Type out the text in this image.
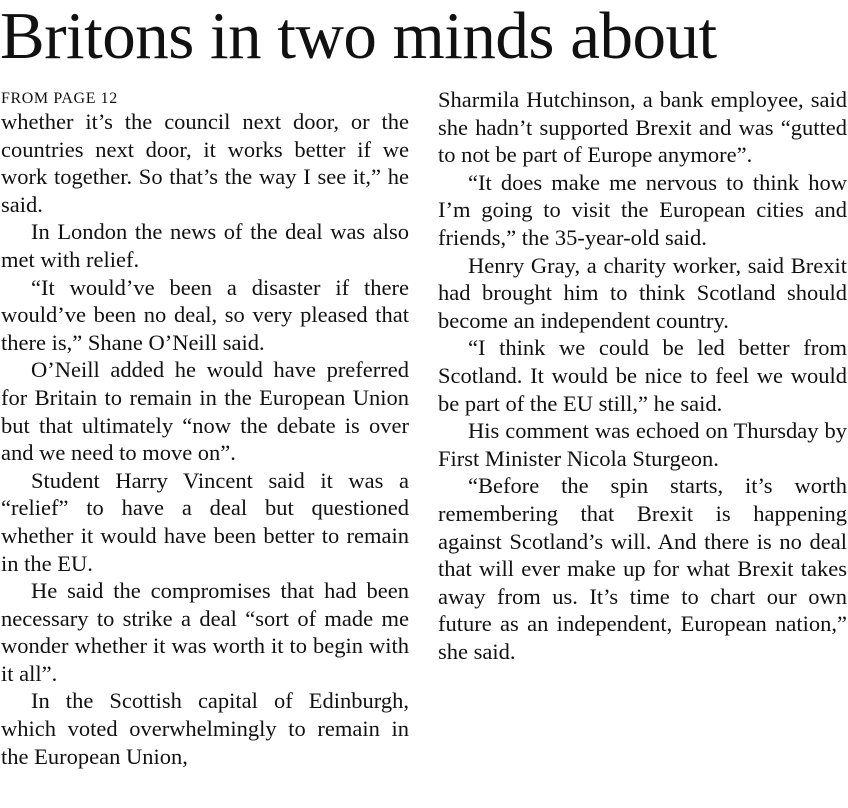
Britons in two minds about
FROM PAGE 12

whether it’s the council next door, or the countries next door, it works better if we work together. So that’s the way I see it,” he said.

In London the news of the deal was also met with relief.

“It would’ve been a disaster if there would’ve been no deal, so very pleased that there is,” Shane O’Neill said.

O’Neill added he would have preferred for Britain to remain in the European Union but that ultimately “now the debate is over and we need to move on”.

Student Harry Vincent said it was a “relief” to have a deal but questioned whether it would have been better to remain in the EU.

He said the compromises that had been necessary to strike a deal “sort of made me wonder whether it was worth it to begin with it all”.

In the Scottish capital of Edinburgh, which voted overwhelmingly to remain in the European Union,

Sharmila Hutchinson, a bank employee, said she hadn’t supported Brexit and was “gutted to not be part of Europe anymore”.

“It does make me nervous to think how I’m going to visit the European cities and friends,” the 35-year-old said.

Henry Gray, a charity worker, said Brexit had brought him to think Scotland should become an independent country.

“I think we could be led better from Scotland. It would be nice to feel we would be part of the EU still,” he said.

His comment was echoed on Thursday by First Minister Nicola Sturgeon.

“Before the spin starts, it’s worth remembering that Brexit is happening against Scotland’s will. And there is no deal that will ever make up for what Brexit takes away from us. It’s time to chart our own future as an independent, European nation,” she said.
